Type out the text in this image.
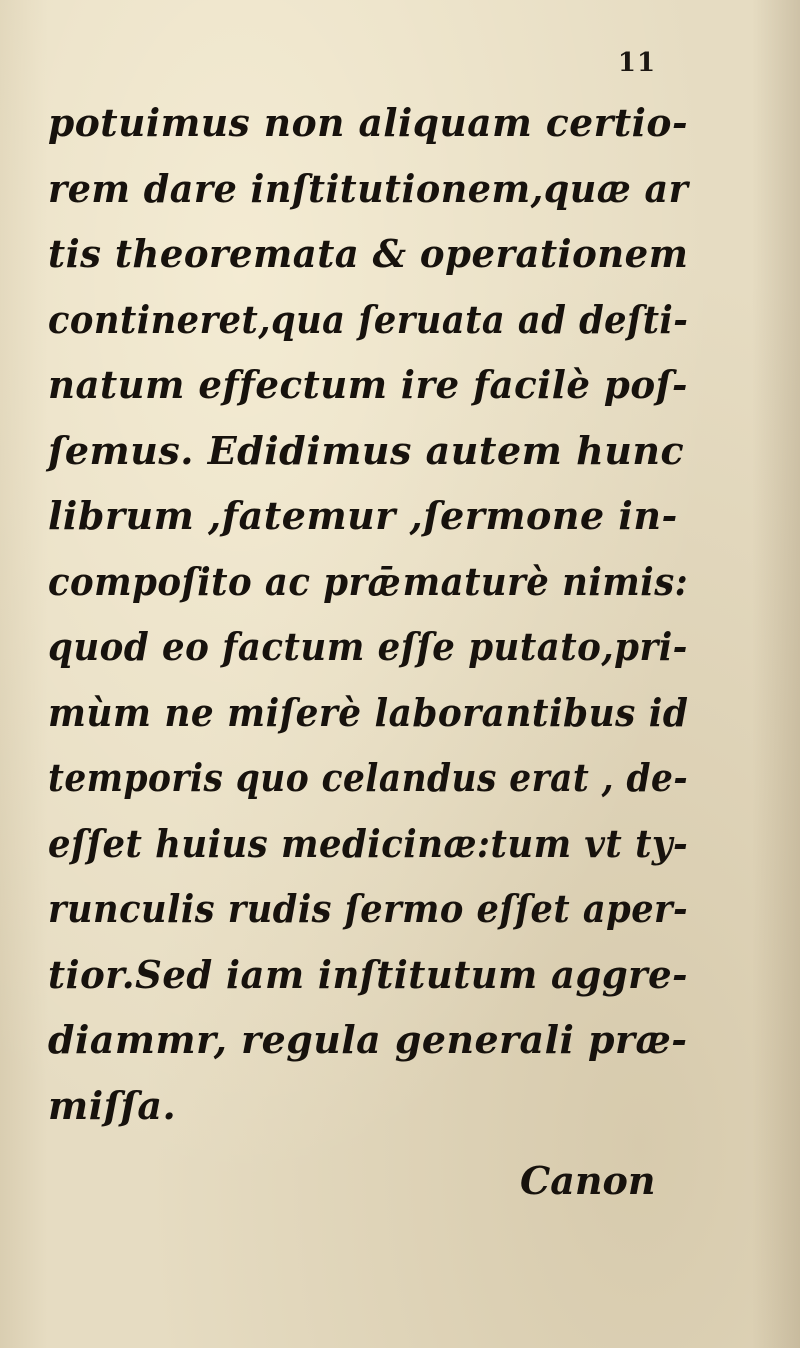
11
potuimus non aliquam certio-
rem dare inſtitutionem,quæ ar
tis theoremata & operationem
contineret,qua ſeruata ad deſti-
natum effectum ire facilè poſ-
ſemus. Edidimus autem hunc
librum ,fatemur ,ſermone in-
compoſito ac prǣmaturè nimis:
quod eo factum eſſe putato,pri-
mùm ne miſerè laborantibus id
temporis quo celandus erat , de-
eſſet huius medicinæ:tum vt ty-
runculis rudis ſermo eſſet aper-
tior.Sed iam inſtitutum aggre-
diammr, regula generali præ-
miſſa.
Canon
